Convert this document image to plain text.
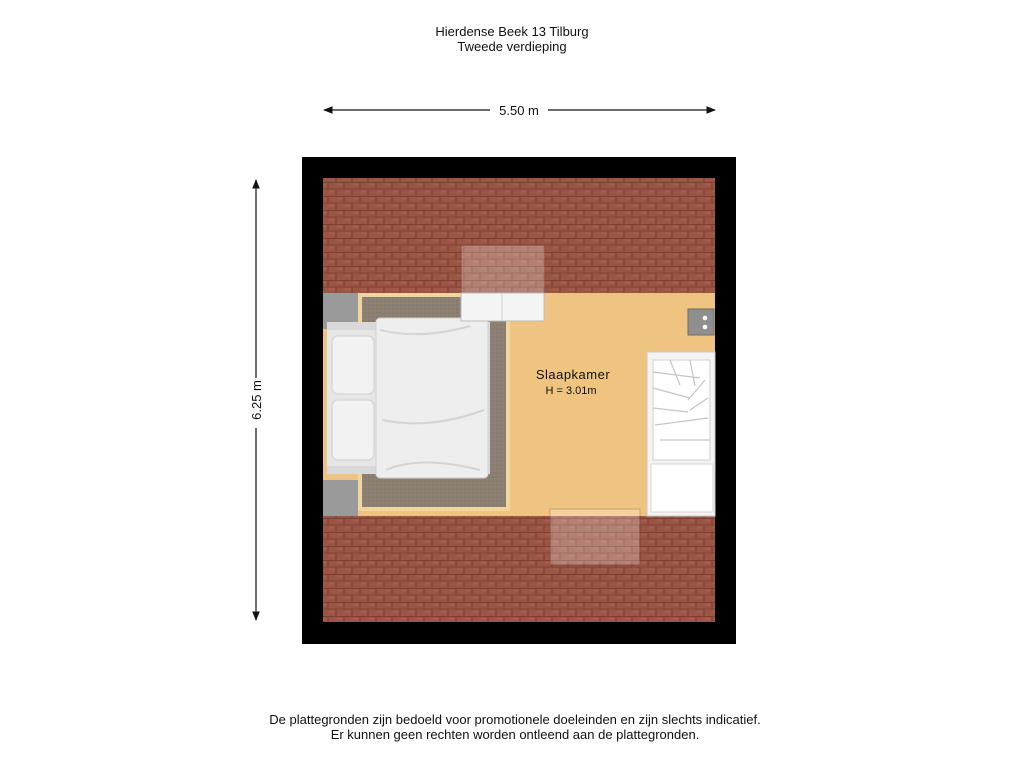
Hierdense Beek 13 Tilburg
Tweede verdieping
5.50 m
6.25 m
Slaapkamer
H = 3.01m
De plattegronden zijn bedoeld voor promotionele doeleinden en zijn slechts indicatief.
Er kunnen geen rechten worden ontleend aan de plattegronden.
